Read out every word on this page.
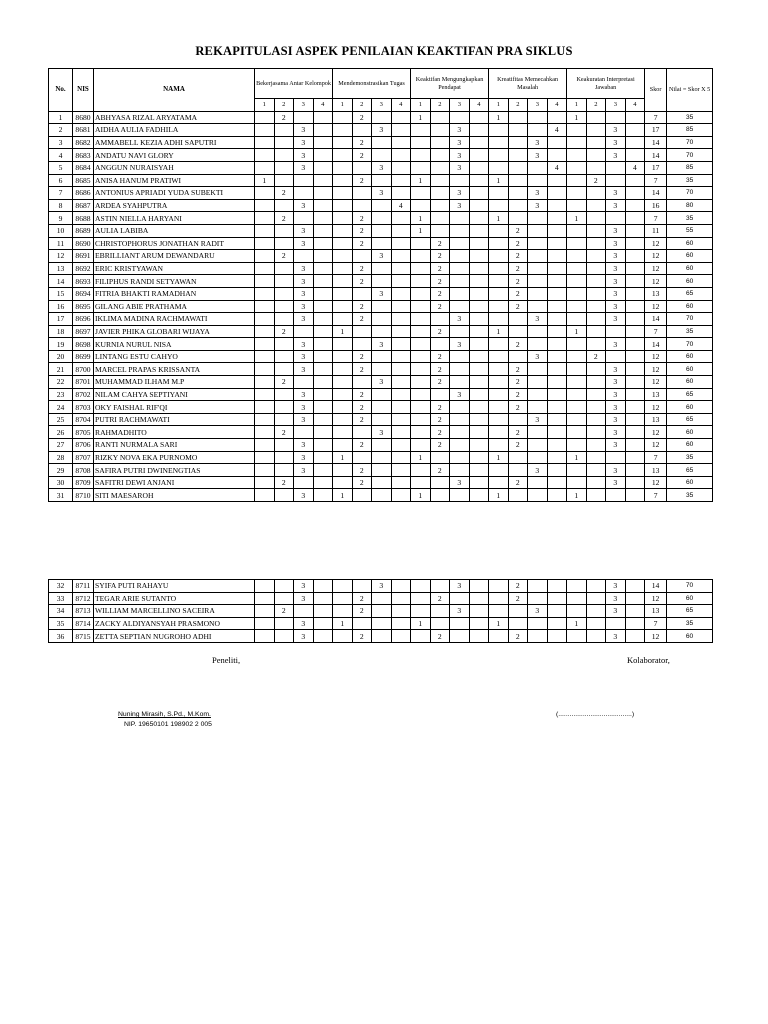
REKAPITULASI ASPEK PENILAIAN KEAKTIFAN PRA SIKLUS
No.	NIS	NAMA	Bekerjasama Antar Kelompok				Mendemonstrasikan Tugas				Keaktifan Mengungkapkan Pendapat				Kreatifitas Memecahkan Masalah				Keakuratan Interpretasi Jawaban				Skor	Nilai = Skor X 5
			1	2	3	4	1	2	3	4	1	2	3	4	1	2	3	4	1	2	3	4		
1	8680	ABHYASA RIZAL ARYATAMA		2				2			1				1				1				7	35
2	8681	AIDHA AULIA FADHILA			3				3				3					4			3		17	85
3	8682	AMMABELL KEZIA ADHI SAPUTRI			3			2					3				3				3		14	70
4	8683	ANDATU NAVI GLORY			3			2					3				3				3		14	70
5	8684	ANGGUN NURAISYAH			3				3				3					4				4	17	85
6	8685	ANISA HANUM PRATIWI	1					2			1				1					2			7	35
7	8686	ANTONIUS APRIADI YUDA SUBEKTI		2					3				3				3				3		14	70
8	8687	ARDEA SYAHPUTRA			3					4			3				3				3		16	80
9	8688	ASTIN NIELLA HARYANI		2				2			1				1				1				7	35
10	8689	AULIA LABIBA			3			2			1					2					3		11	55
11	8690	CHRISTOPHORUS JONATHAN RADIT			3			2				2				2					3		12	60
12	8691	EBRILLIANT ARUM DEWANDARU		2					3			2				2					3		12	60
13	8692	ERIC KRISTYAWAN			3			2				2				2					3		12	60
14	8693	FILIPHUS RANDI SETYAWAN			3			2				2				2					3		12	60
15	8694	FITRIA BHAKTI RAMADHAN			3				3			2				2					3		13	65
16	8695	GILANG ABIE PRATHAMA			3			2				2				2					3		12	60
17	8696	IKLIMA MADINA RACHMAWATI			3			2					3				3				3		14	70
18	8697	JAVIER PHIKA GLOBARI WIJAYA		2			1					2			1				1				7	35
19	8698	KURNIA NURUL NISA			3				3				3			2					3		14	70
20	8699	LINTANG ESTU CAHYO			3			2				2					3			2			12	60
21	8700	MARCEL PRAPAS KRISSANTA			3			2				2				2					3		12	60
22	8701	MUHAMMAD ILHAM M.P		2					3			2				2					3		12	60
23	8702	NILAM CAHYA SEPTIYANI			3			2					3			2					3		13	65
24	8703	OKY FAISHAL RIF'QI			3			2				2				2					3		12	60
25	8704	PUTRI RACHMAWATI			3			2				2					3				3		13	65
26	8705	RAHMADHITO		2					3			2				2					3		12	60
27	8706	RANTI NURMALA SARI			3			2				2				2					3		12	60
28	8707	RIZKY NOVA EKA PURNOMO			3		1				1				1				1				7	35
29	8708	SAFIRA PUTRI DWINENGTIAS			3			2				2					3				3		13	65
30	8709	SAFITRI DEWI ANJANI		2				2					3			2					3		12	60
31	8710	SITI MAESAROH			3		1				1				1				1				7	35
32	8711	SYIFA PUTI RAHAYU			3				3				3			2					3		14	70
33	8712	TEGAR ARIE SUTANTO			3			2				2				2					3		12	60
34	8713	WILLIAM MARCELLINO SACEIRA		2				2					3				3				3		13	65
35	8714	ZACKY ALDIYANSYAH PRASMONO			3		1				1				1				1				7	35
36	8715	ZETTA SEPTIAN NUGROHO ADHI			3			2				2				2					3		12	60
Peneliti,	Kolaborator,
Nuning Mirasih, S.Pd., M.Kom.
NIP. 19650101 198902 2 005
(.......................................)
